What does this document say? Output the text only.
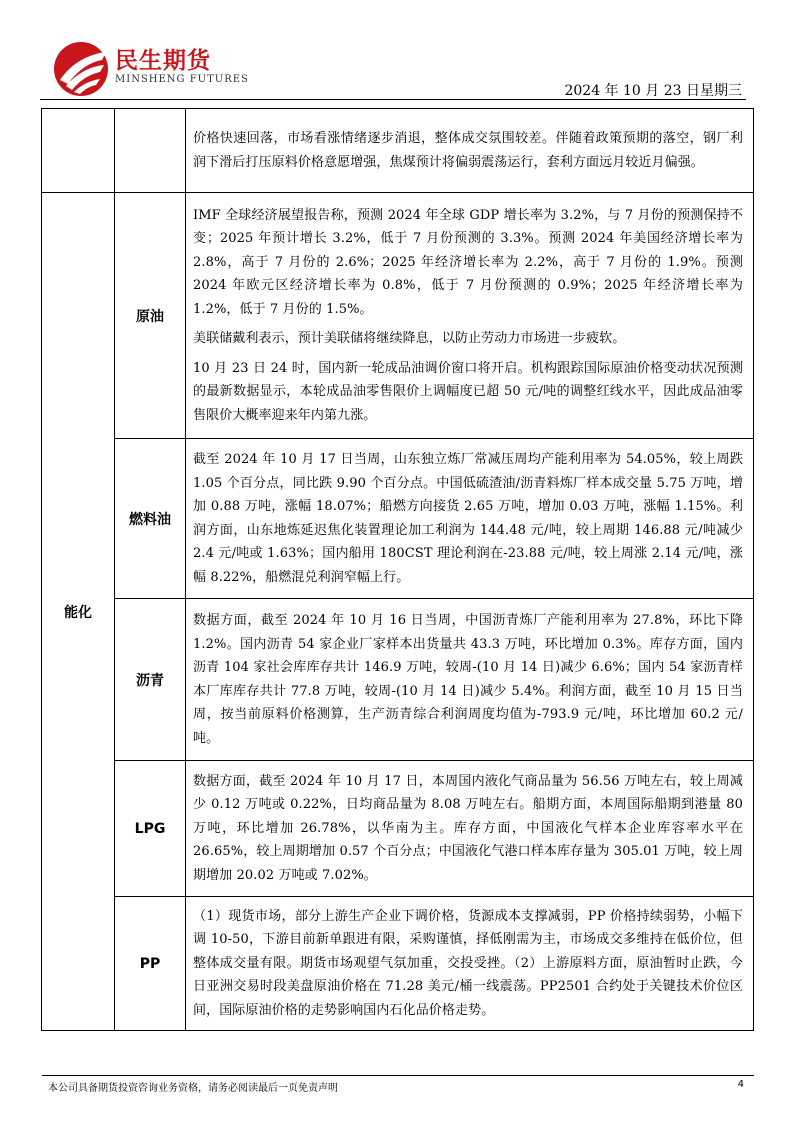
民生期货
MINSHENG FUTURES
2024 年 10 月 23 日星期三

		价格快速回落，市场看涨情绪逐步消退，整体成交氛围较差。伴随着政策预期的落空，钢厂利润下滑后打压原料价格意愿增强，焦煤预计将偏弱震荡运行，套利方面远月较近月偏强。

能化	原油	IMF 全球经济展望报告称，预测 2024 年全球 GDP 增长率为 3.2%，与 7 月份的预测保持不变；2025 年预计增长 3.2%，低于 7 月份预测的 3.3%。预测 2024 年美国经济增长率为 2.8%，高于 7 月份的 2.6%；2025 年经济增长率为 2.2%，高于 7 月份的 1.9%。预测 2024 年欧元区经济增长率为 0.8%，低于 7 月份预测的 0.9%；2025 年经济增长率为 1.2%，低于 7 月份的 1.5%。

美联储戴利表示，预计美联储将继续降息，以防止劳动力市场进一步疲软。

10 月 23 日 24 时，国内新一轮成品油调价窗口将开启。机构跟踪国际原油价格变动状况预测的最新数据显示，本轮成品油零售限价上调幅度已超 50 元/吨的调整红线水平，因此成品油零售限价大概率迎来年内第九涨。

	燃料油	截至 2024 年 10 月 17 日当周，山东独立炼厂常减压周均产能利用率为 54.05%，较上周跌 1.05 个百分点，同比跌 9.90 个百分点。中国低硫渣油/沥青料炼厂样本成交量 5.75 万吨，增加 0.88 万吨，涨幅 18.07%；船燃方向接货 2.65 万吨，增加 0.03 万吨，涨幅 1.15%。利润方面，山东地炼延迟焦化装置理论加工利润为 144.48 元/吨，较上周期 146.88 元/吨减少 2.4 元/吨或 1.63%；国内船用 180CST 理论利润在-23.88 元/吨，较上周涨 2.14 元/吨，涨幅 8.22%，船燃混兑利润窄幅上行。

	沥青	数据方面，截至 2024 年 10 月 16 日当周，中国沥青炼厂产能利用率为 27.8%，环比下降 1.2%。国内沥青 54 家企业厂家样本出货量共 43.3 万吨，环比增加 0.3%。库存方面，国内沥青 104 家社会库库存共计 146.9 万吨，较周-(10 月 14 日)减少 6.6%；国内 54 家沥青样本厂库库存共计 77.8 万吨，较周-(10 月 14 日)减少 5.4%。利润方面，截至 10 月 15 日当周，按当前原料价格测算，生产沥青综合利润周度均值为-793.9 元/吨，环比增加 60.2 元/吨。

	LPG	数据方面，截至 2024 年 10 月 17 日，本周国内液化气商品量为 56.56 万吨左右，较上周减少 0.12 万吨或 0.22%，日均商品量为 8.08 万吨左右。船期方面，本周国际船期到港量 80 万吨，环比增加 26.78%，以华南为主。库存方面，中国液化气样本企业库容率水平在 26.65%，较上周期增加 0.57 个百分点；中国液化气港口样本库存量为 305.01 万吨，较上周期增加 20.02 万吨或 7.02%。

	PP	（1）现货市场，部分上游生产企业下调价格，货源成本支撑减弱，PP 价格持续弱势，小幅下调 10-50，下游目前新单跟进有限，采购谨慎，择低刚需为主，市场成交多维持在低价位，但整体成交量有限。期货市场观望气氛加重，交投受挫。（2）上游原料方面，原油暂时止跌，今日亚洲交易时段美盘原油价格在 71.28 美元/桶一线震荡。PP2501 合约处于关键技术价位区间，国际原油价格的走势影响国内石化品价格走势。

本公司具备期货投资咨询业务资格，请务必阅读最后一页免责声明	4
